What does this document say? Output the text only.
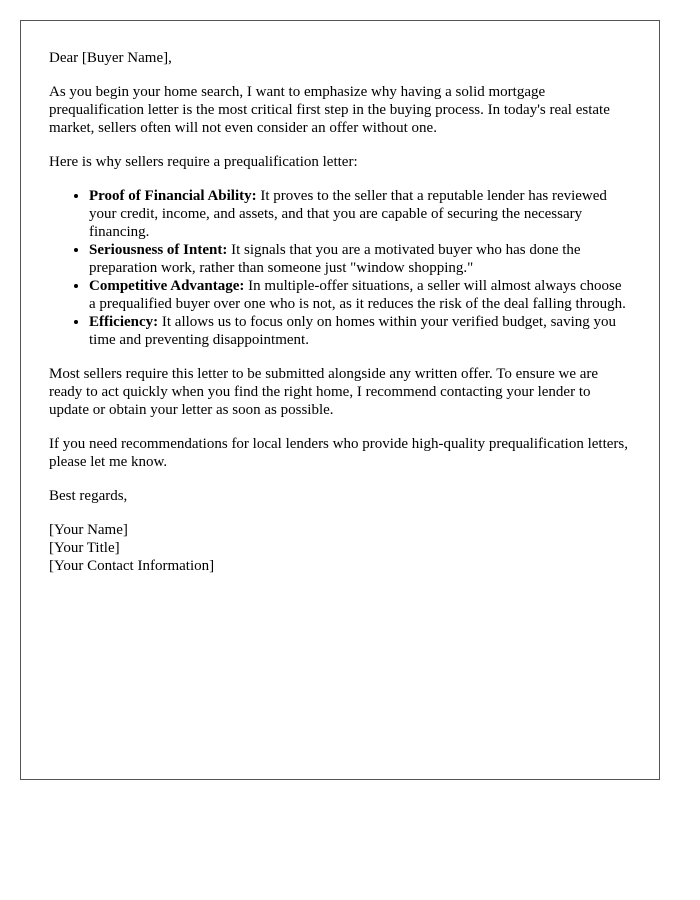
Dear [Buyer Name],

As you begin your home search, I want to emphasize why having a solid mortgage prequalification letter is the most critical first step in the buying process. In today's real estate market, sellers often will not even consider an offer without one.

Here is why sellers require a prequalification letter:

• Proof of Financial Ability: It proves to the seller that a reputable lender has reviewed your credit, income, and assets, and that you are capable of securing the necessary financing.
• Seriousness of Intent: It signals that you are a motivated buyer who has done the preparation work, rather than someone just "window shopping."
• Competitive Advantage: In multiple-offer situations, a seller will almost always choose a prequalified buyer over one who is not, as it reduces the risk of the deal falling through.
• Efficiency: It allows us to focus only on homes within your verified budget, saving you time and preventing disappointment.

Most sellers require this letter to be submitted alongside any written offer. To ensure we are ready to act quickly when you find the right home, I recommend contacting your lender to update or obtain your letter as soon as possible.

If you need recommendations for local lenders who provide high-quality prequalification letters, please let me know.

Best regards,

[Your Name]
[Your Title]
[Your Contact Information]
